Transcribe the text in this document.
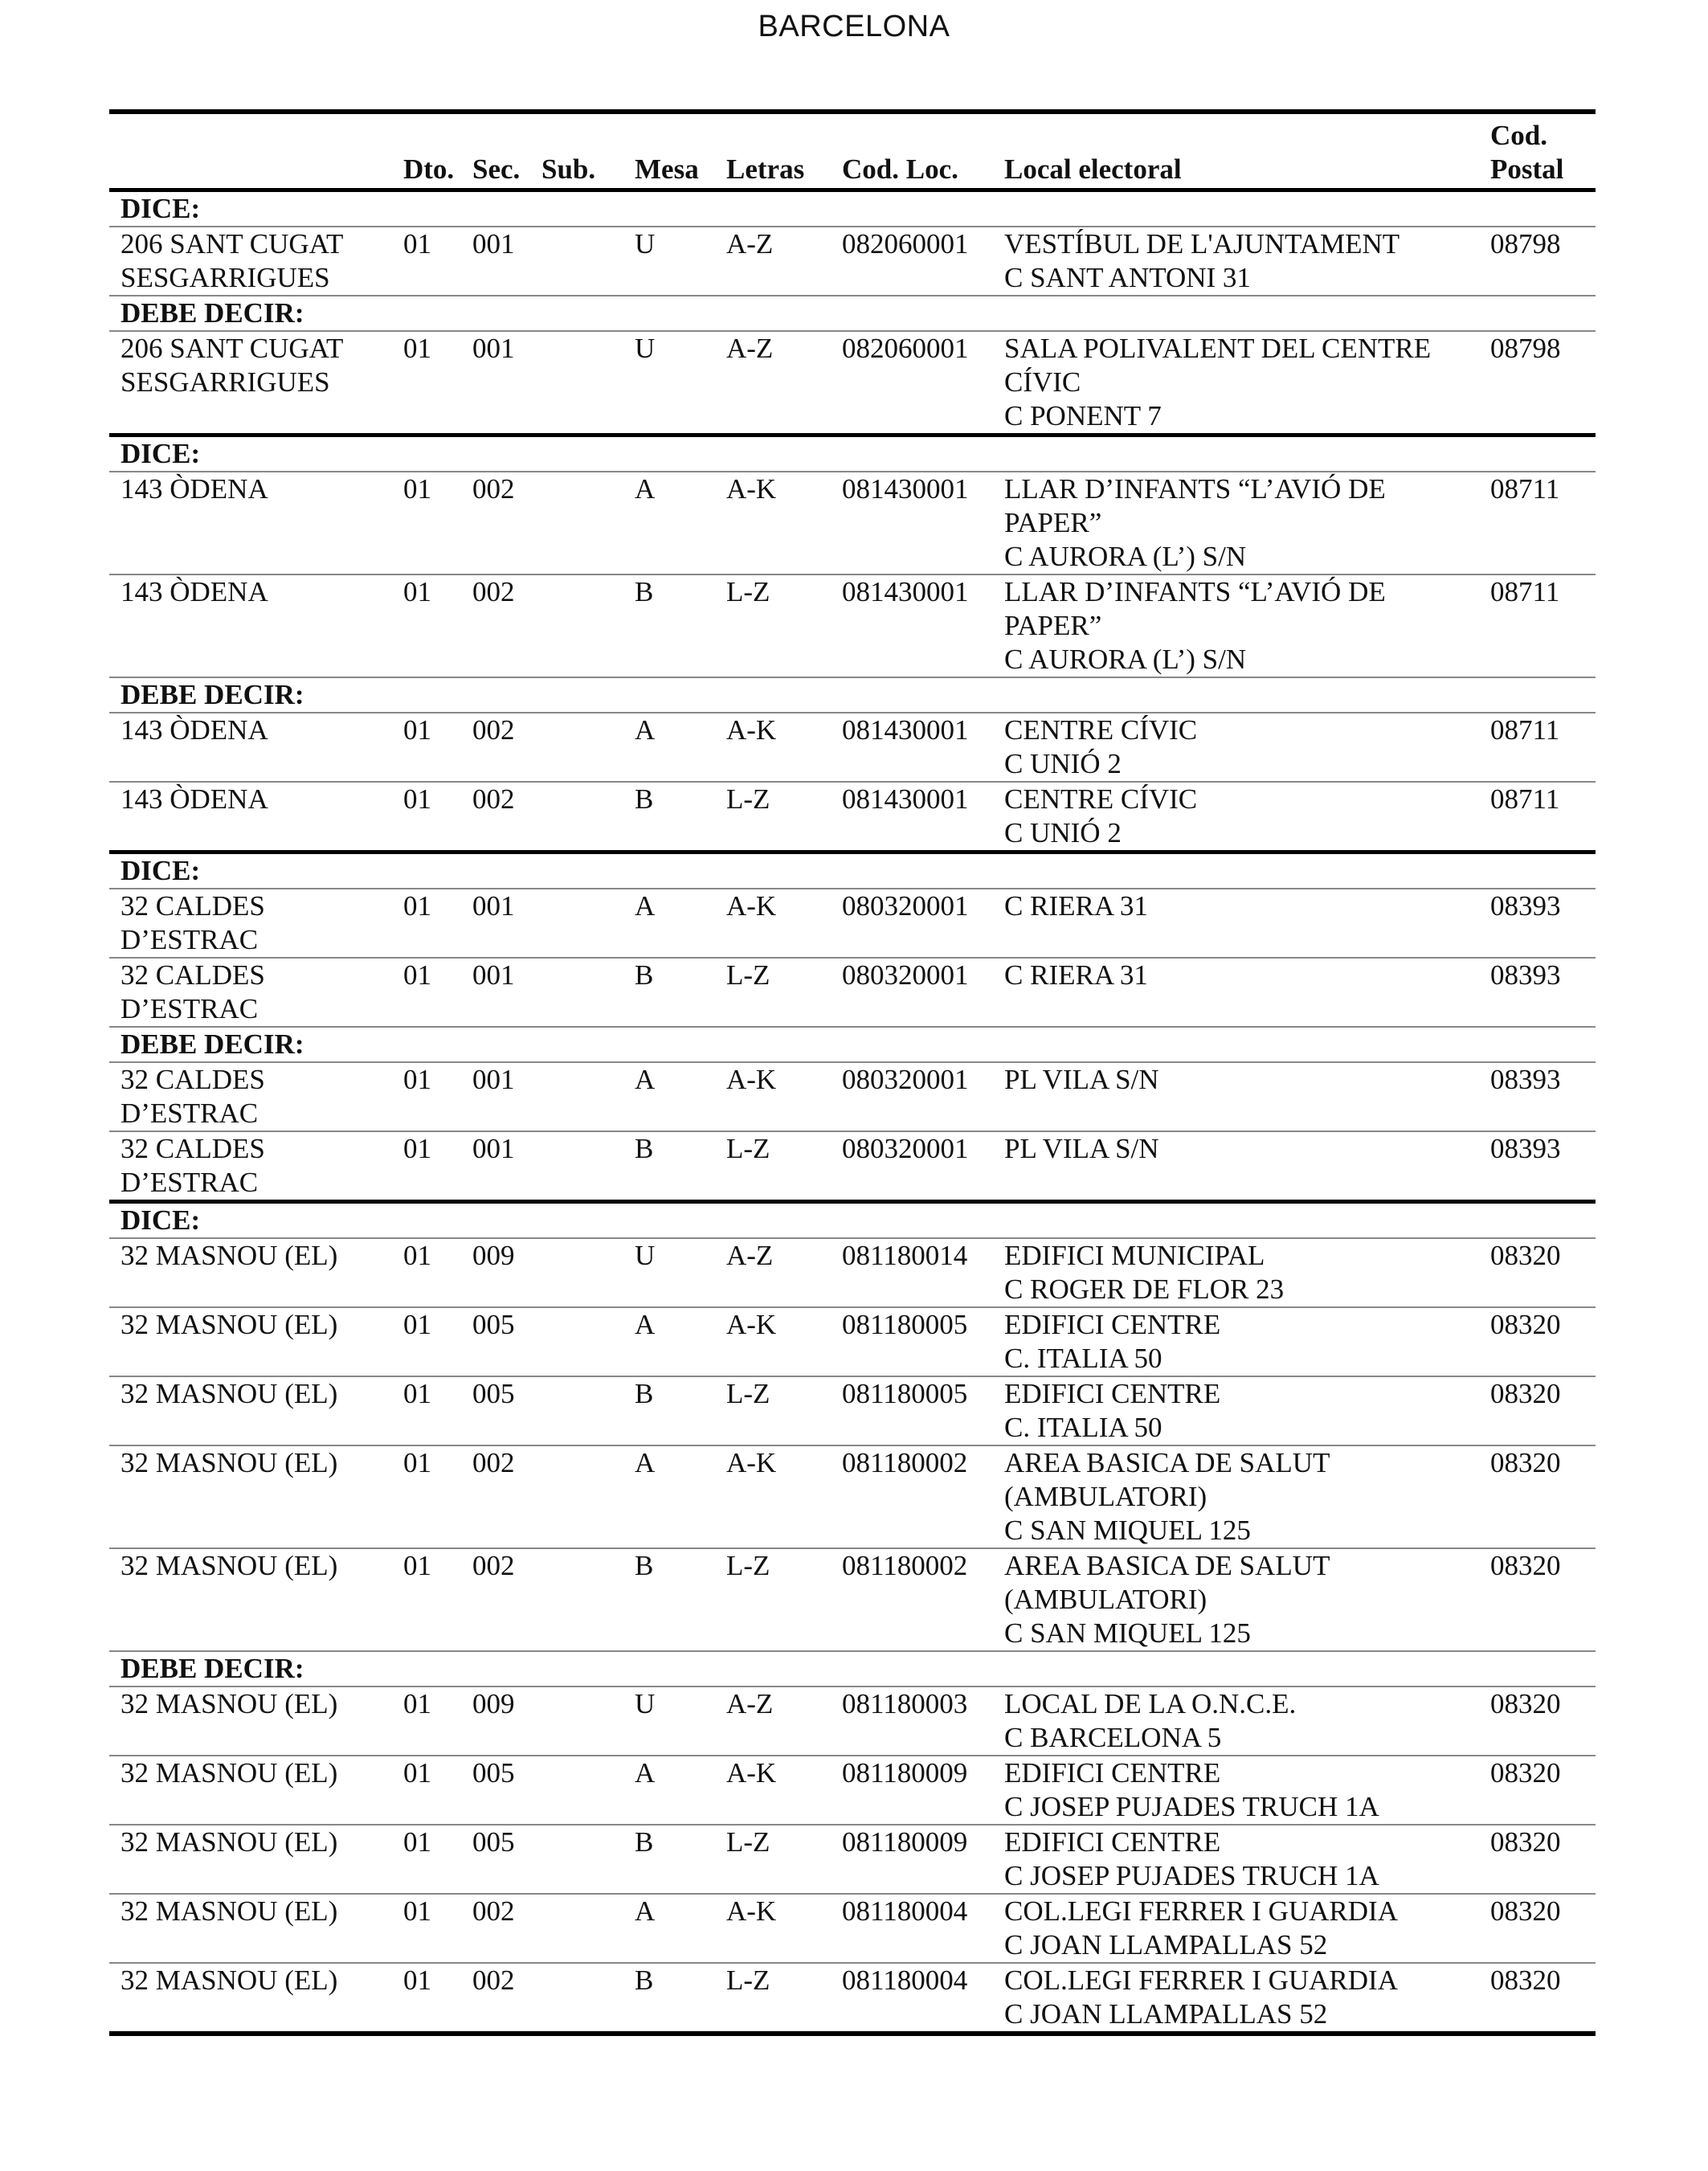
BARCELONA
	Dto.	Sec.	Sub.	Mesa	Letras	Cod. Loc.	Local electoral	Cod.
Postal
DICE:								
206 SANT CUGAT
SESGARRIGUES	01	001		U	A-Z	082060001	VESTÍBUL DE L'AJUNTAMENT
C SANT ANTONI 31	08798
DEBE DECIR:								
206 SANT CUGAT
SESGARRIGUES	01	001		U	A-Z	082060001	SALA POLIVALENT DEL CENTRE
CÍVIC
C PONENT 7	08798
DICE:								
143 ÒDENA	01	002		A	A-K	081430001	LLAR D’INFANTS “L’AVIÓ DE
PAPER”
C AURORA (L’) S/N	08711
143 ÒDENA	01	002		B	L-Z	081430001	LLAR D’INFANTS “L’AVIÓ DE
PAPER”
C AURORA (L’) S/N	08711
DEBE DECIR:								
143 ÒDENA	01	002		A	A-K	081430001	CENTRE CÍVIC
C UNIÓ 2	08711
143 ÒDENA	01	002		B	L-Z	081430001	CENTRE CÍVIC
C UNIÓ 2	08711
DICE:								
32 CALDES
D’ESTRAC	01	001		A	A-K	080320001	C RIERA 31	08393
32 CALDES
D’ESTRAC	01	001		B	L-Z	080320001	C RIERA 31	08393
DEBE DECIR:								
32 CALDES
D’ESTRAC	01	001		A	A-K	080320001	PL VILA S/N	08393
32 CALDES
D’ESTRAC	01	001		B	L-Z	080320001	PL VILA S/N	08393
DICE:								
32 MASNOU (EL)	01	009		U	A-Z	081180014	EDIFICI MUNICIPAL
C ROGER DE FLOR 23	08320
32 MASNOU (EL)	01	005		A	A-K	081180005	EDIFICI CENTRE
C. ITALIA 50	08320
32 MASNOU (EL)	01	005		B	L-Z	081180005	EDIFICI CENTRE
C. ITALIA 50	08320
32 MASNOU (EL)	01	002		A	A-K	081180002	AREA BASICA DE SALUT
(AMBULATORI)
C SAN MIQUEL 125	08320
32 MASNOU (EL)	01	002		B	L-Z	081180002	AREA BASICA DE SALUT
(AMBULATORI)
C SAN MIQUEL 125	08320
DEBE DECIR:								
32 MASNOU (EL)	01	009		U	A-Z	081180003	LOCAL DE LA O.N.C.E.
C BARCELONA 5	08320
32 MASNOU (EL)	01	005		A	A-K	081180009	EDIFICI CENTRE
C JOSEP PUJADES TRUCH 1A	08320
32 MASNOU (EL)	01	005		B	L-Z	081180009	EDIFICI CENTRE
C JOSEP PUJADES TRUCH 1A	08320
32 MASNOU (EL)	01	002		A	A-K	081180004	COL.LEGI FERRER I GUARDIA
C JOAN LLAMPALLAS 52	08320
32 MASNOU (EL)	01	002		B	L-Z	081180004	COL.LEGI FERRER I GUARDIA
C JOAN LLAMPALLAS 52	08320
